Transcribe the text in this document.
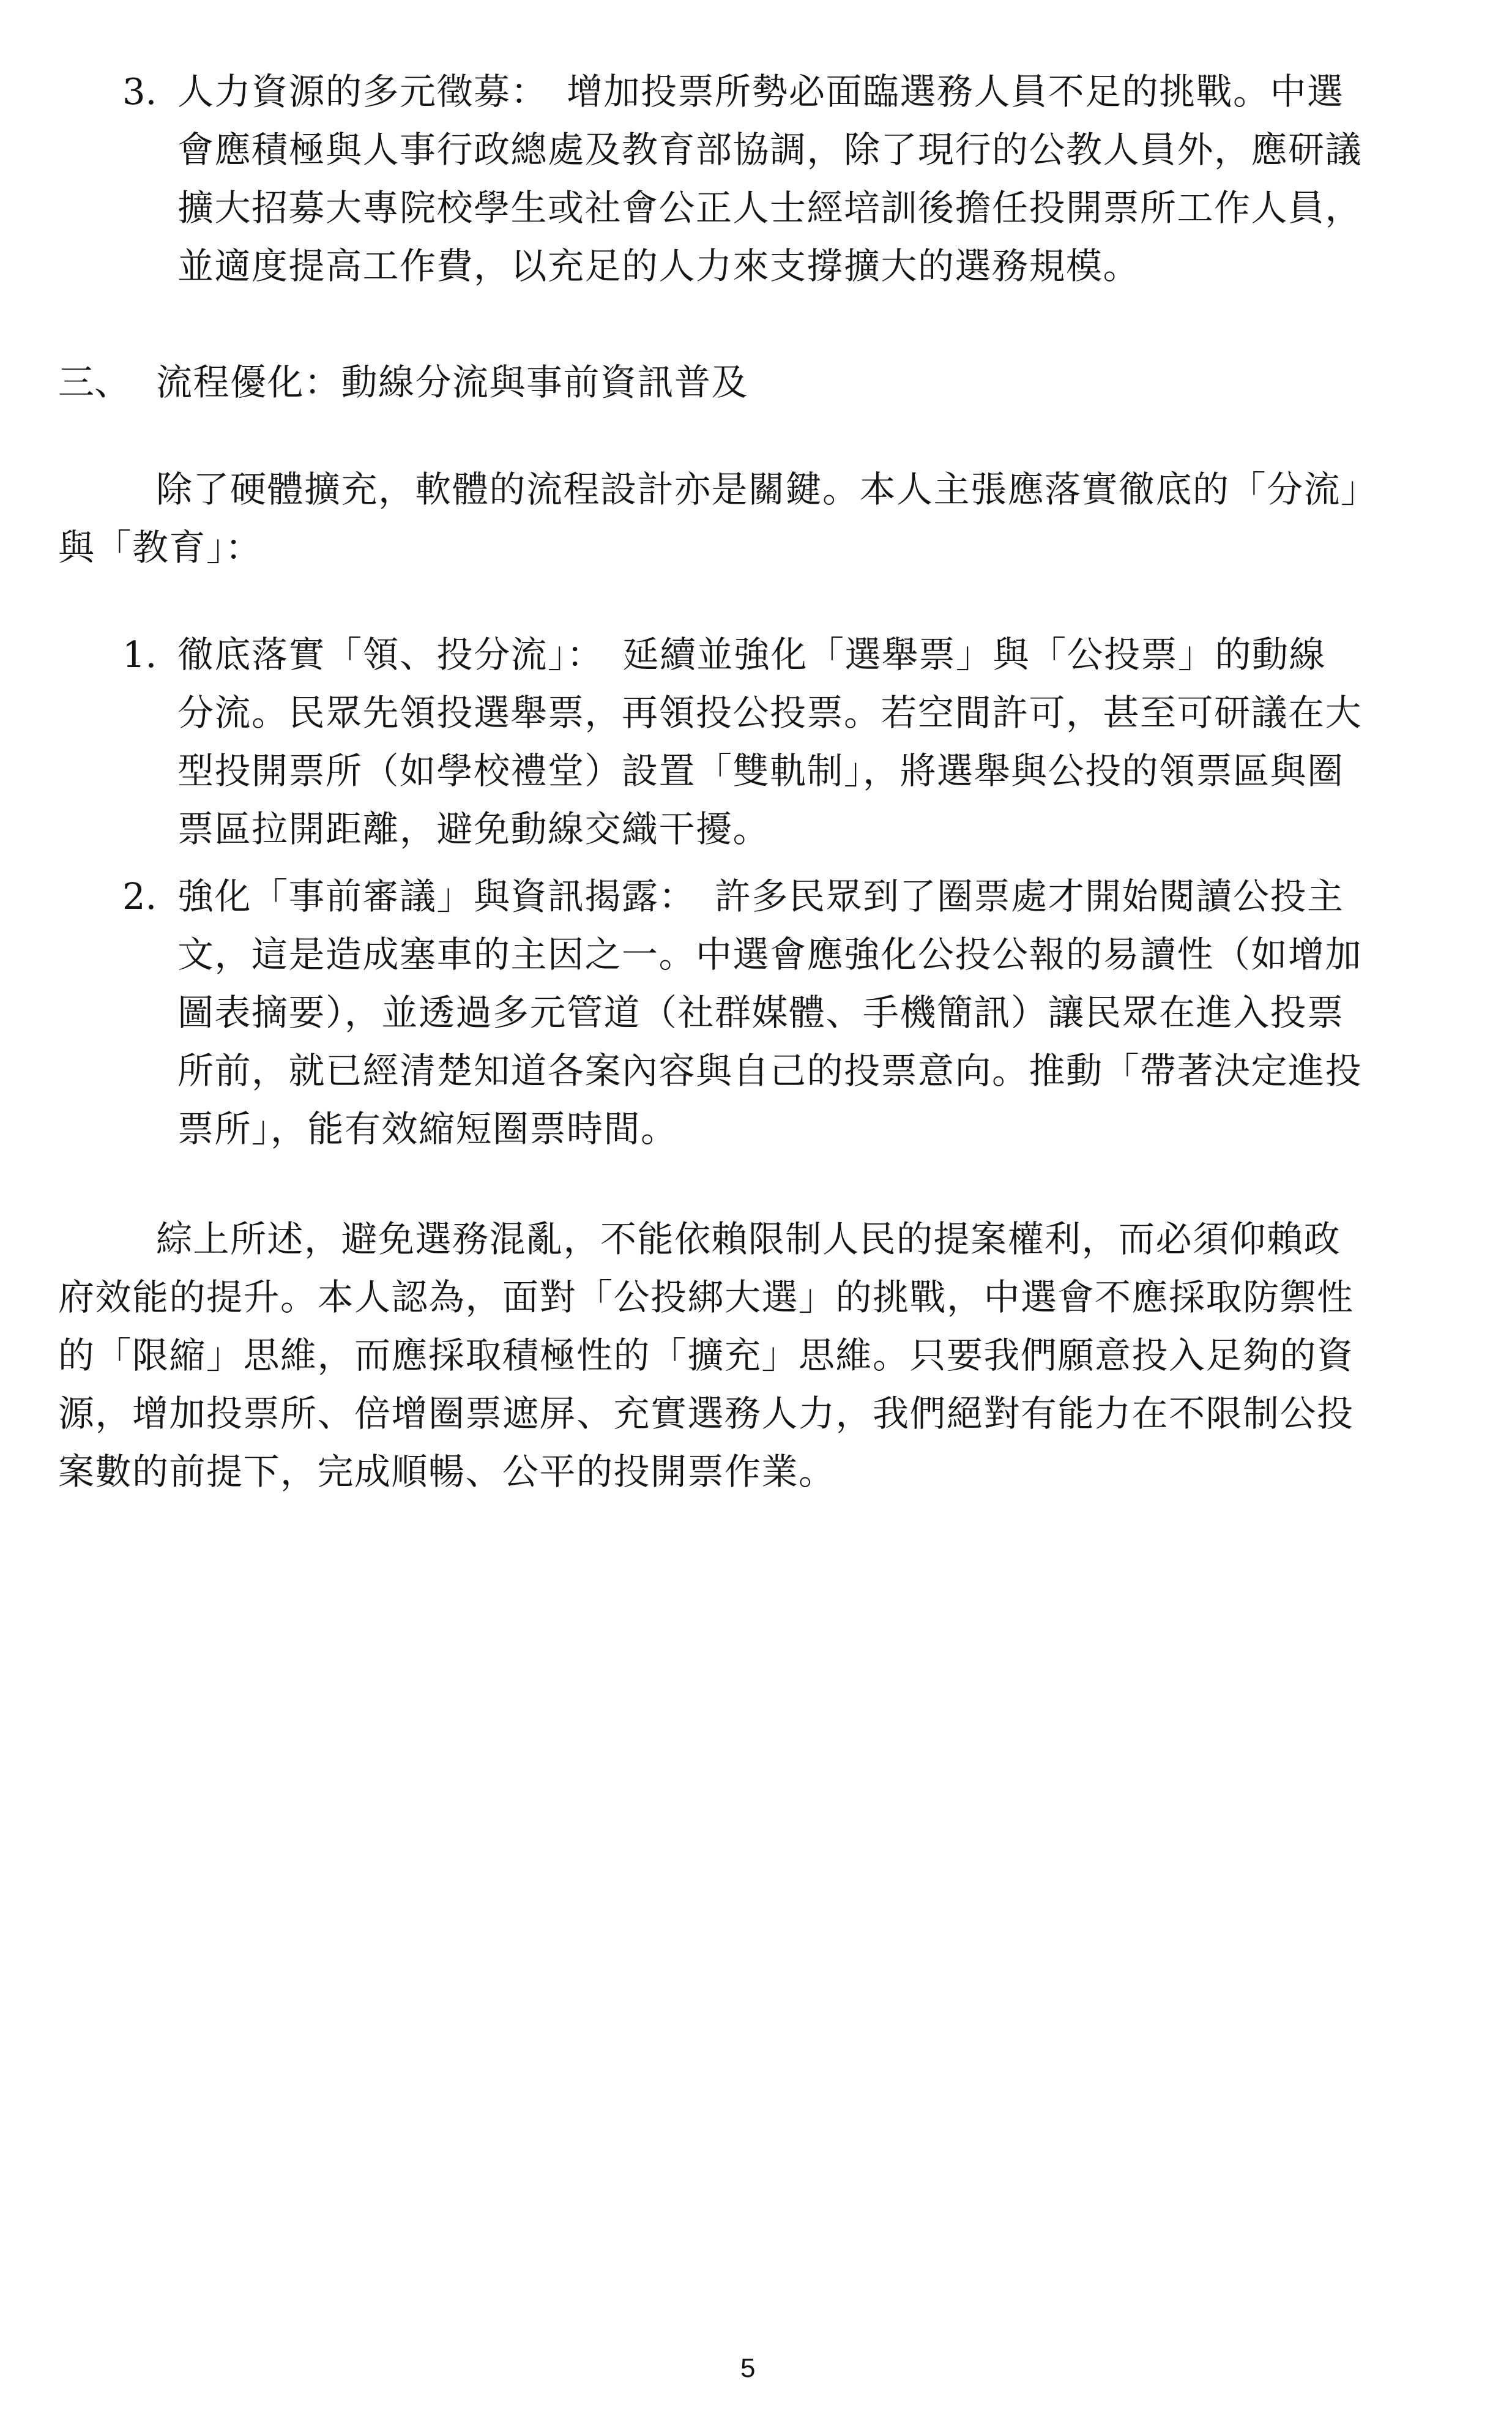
3. 人力資源的多元徵募：　增加投票所勢必面臨選務人員不足的挑戰。中選
會應積極與人事行政總處及教育部協調，除了現行的公教人員外，應研議
擴大招募大專院校學生或社會公正人士經培訓後擔任投開票所工作人員，
並適度提高工作費，以充足的人力來支撐擴大的選務規模。
三、 流程優化：動線分流與事前資訊普及
除了硬體擴充，軟體的流程設計亦是關鍵。本人主張應落實徹底的「分流」
與「教育」：
1. 徹底落實「領、投分流」：　延續並強化「選舉票」與「公投票」的動線
分流。民眾先領投選舉票，再領投公投票。若空間許可，甚至可研議在大
型投開票所（如學校禮堂）設置「雙軌制」，將選舉與公投的領票區與圈
票區拉開距離，避免動線交織干擾。
2. 強化「事前審議」與資訊揭露：　許多民眾到了圈票處才開始閱讀公投主
文，這是造成塞車的主因之一。中選會應強化公投公報的易讀性（如增加
圖表摘要），並透過多元管道（社群媒體、手機簡訊）讓民眾在進入投票
所前，就已經清楚知道各案內容與自己的投票意向。推動「帶著決定進投
票所」，能有效縮短圈票時間。
綜上所述，避免選務混亂，不能依賴限制人民的提案權利，而必須仰賴政
府效能的提升。本人認為，面對「公投綁大選」的挑戰，中選會不應採取防禦性
的「限縮」思維，而應採取積極性的「擴充」思維。只要我們願意投入足夠的資
源，增加投票所、倍增圈票遮屏、充實選務人力，我們絕對有能力在不限制公投
案數的前提下，完成順暢、公平的投開票作業。
5
